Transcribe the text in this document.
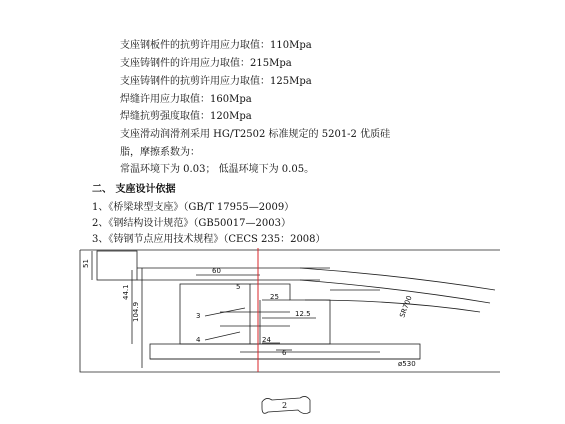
支座钢板件的抗剪许用应力取值：110Mpa
支座铸钢件的许用应力取值：215Mpa
支座铸钢件的抗剪许用应力取值：125Mpa
焊缝许用应力取值：160Mpa
焊缝抗剪强度取值：120Mpa
支座滑动润滑剂采用 HG/T2502 标准规定的 5201-2 优质硅
脂，摩擦系数为：
常温环境下为 0.03； 低温环境下为 0.05。
二、 支座设计依据
1、《桥梁球型支座》（GB/T 17955—2009）
2、《钢结构设计规范》（GB50017—2003）
3、《铸钢节点应用技术规程》（CECS 235：2008）
51
60
5
25
12.5
24
6
44.1
104.9	3
4
ø530
SR700
2
